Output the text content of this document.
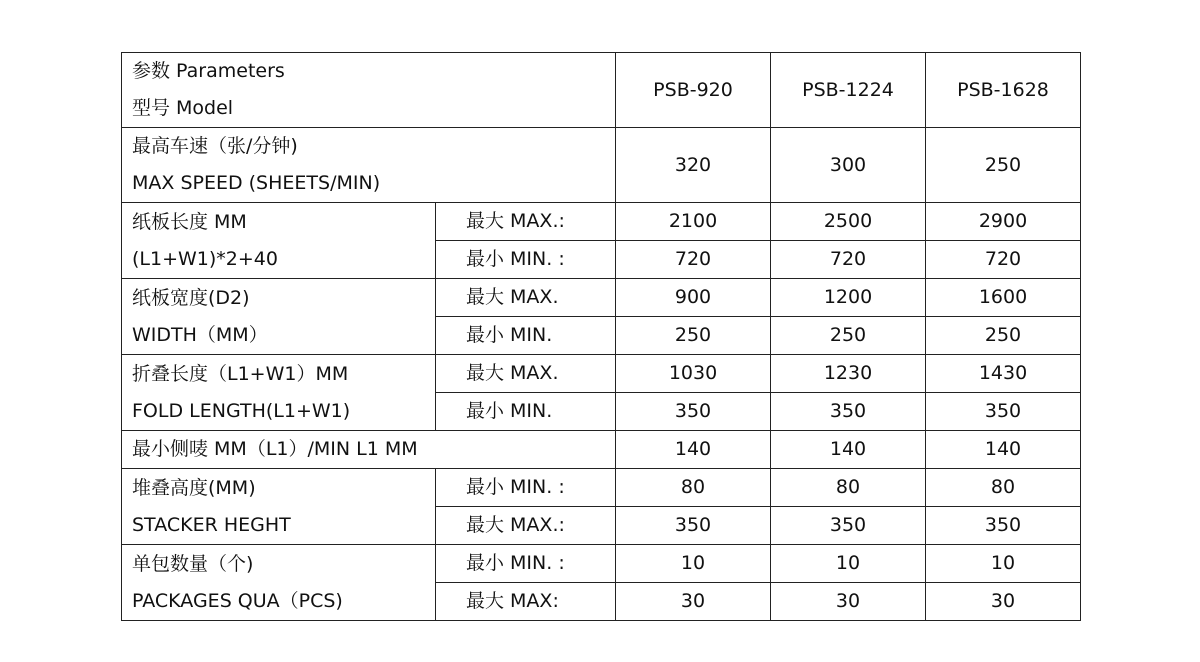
参数 Parameters
型号 Model		PSB-920	PSB-1224	PSB-1628

最高车速（张/分钟)
MAX SPEED (SHEETS/MIN)		320	300	250

纸板长度 MM
(L1+W1)*2+40	最大 MAX.:	2100	2500	2900
	最小 MIN. :	720	720	720

纸板宽度(D2)
WIDTH（MM）	最大 MAX.	900	1200	1600
	最小 MIN.	250	250	250

折叠长度（L1+W1）MM
FOLD LENGTH(L1+W1)	最大 MAX.	1030	1230	1430
	最小 MIN.	350	350	350
最小侧唛 MM（L1）/MIN L1 MM		140	140	140

堆叠高度(MM)
STACKER HEGHT	最小 MIN. :	80	80	80
	最大 MAX.:	350	350	350

单包数量（个)
PACKAGES QUA（PCS)	最小 MIN. :	10	10	10
	最大 MAX:	30	30	30
